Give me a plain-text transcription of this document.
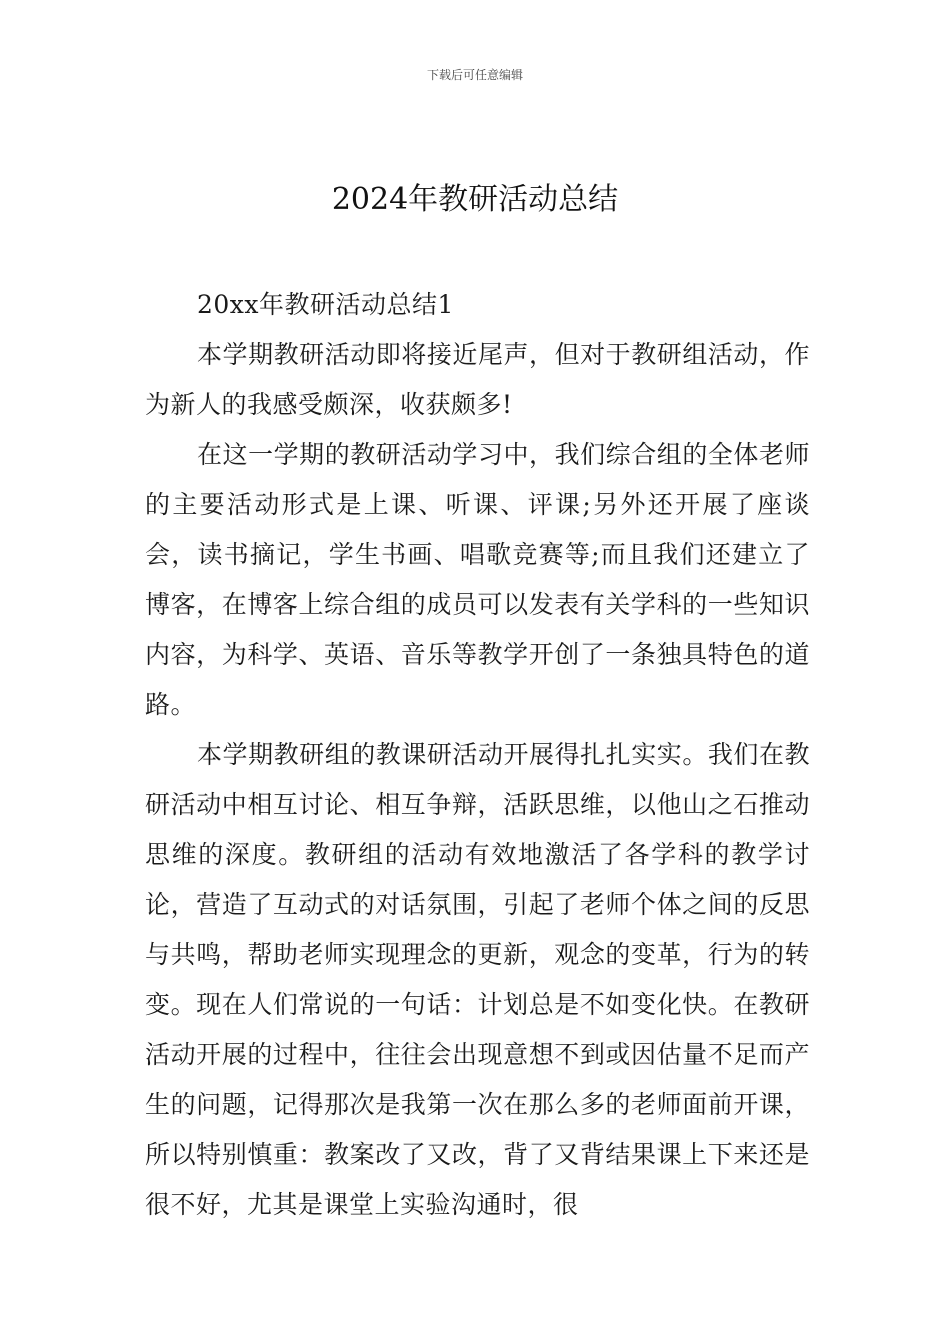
下载后可任意编辑
2024年教研活动总结

20xx年教研活动总结1

本学期教研活动即将接近尾声，但对于教研组活动，作为新人的我感受颇深，收获颇多!

在这一学期的教研活动学习中，我们综合组的全体老师的主要活动形式是上课、听课、评课;另外还开展了座谈会，读书摘记，学生书画、唱歌竞赛等;而且我们还建立了博客，在博客上综合组的成员可以发表有关学科的一些知识内容，为科学、英语、音乐等教学开创了一条独具特色的道路。

本学期教研组的教课研活动开展得扎扎实实。我们在教研活动中相互讨论、相互争辩，活跃思维，以他山之石推动思维的深度。教研组的活动有效地激活了各学科的教学讨论，营造了互动式的对话氛围，引起了老师个体之间的反思与共鸣，帮助老师实现理念的更新，观念的变革，行为的转变。现在人们常说的一句话：计划总是不如变化快。在教研活动开展的过程中，往往会出现意想不到或因估量不足而产生的问题，记得那次是我第一次在那么多的老师面前开课，所以特别慎重：教案改了又改，背了又背结果课上下来还是很不好，尤其是课堂上实验沟通时，很
